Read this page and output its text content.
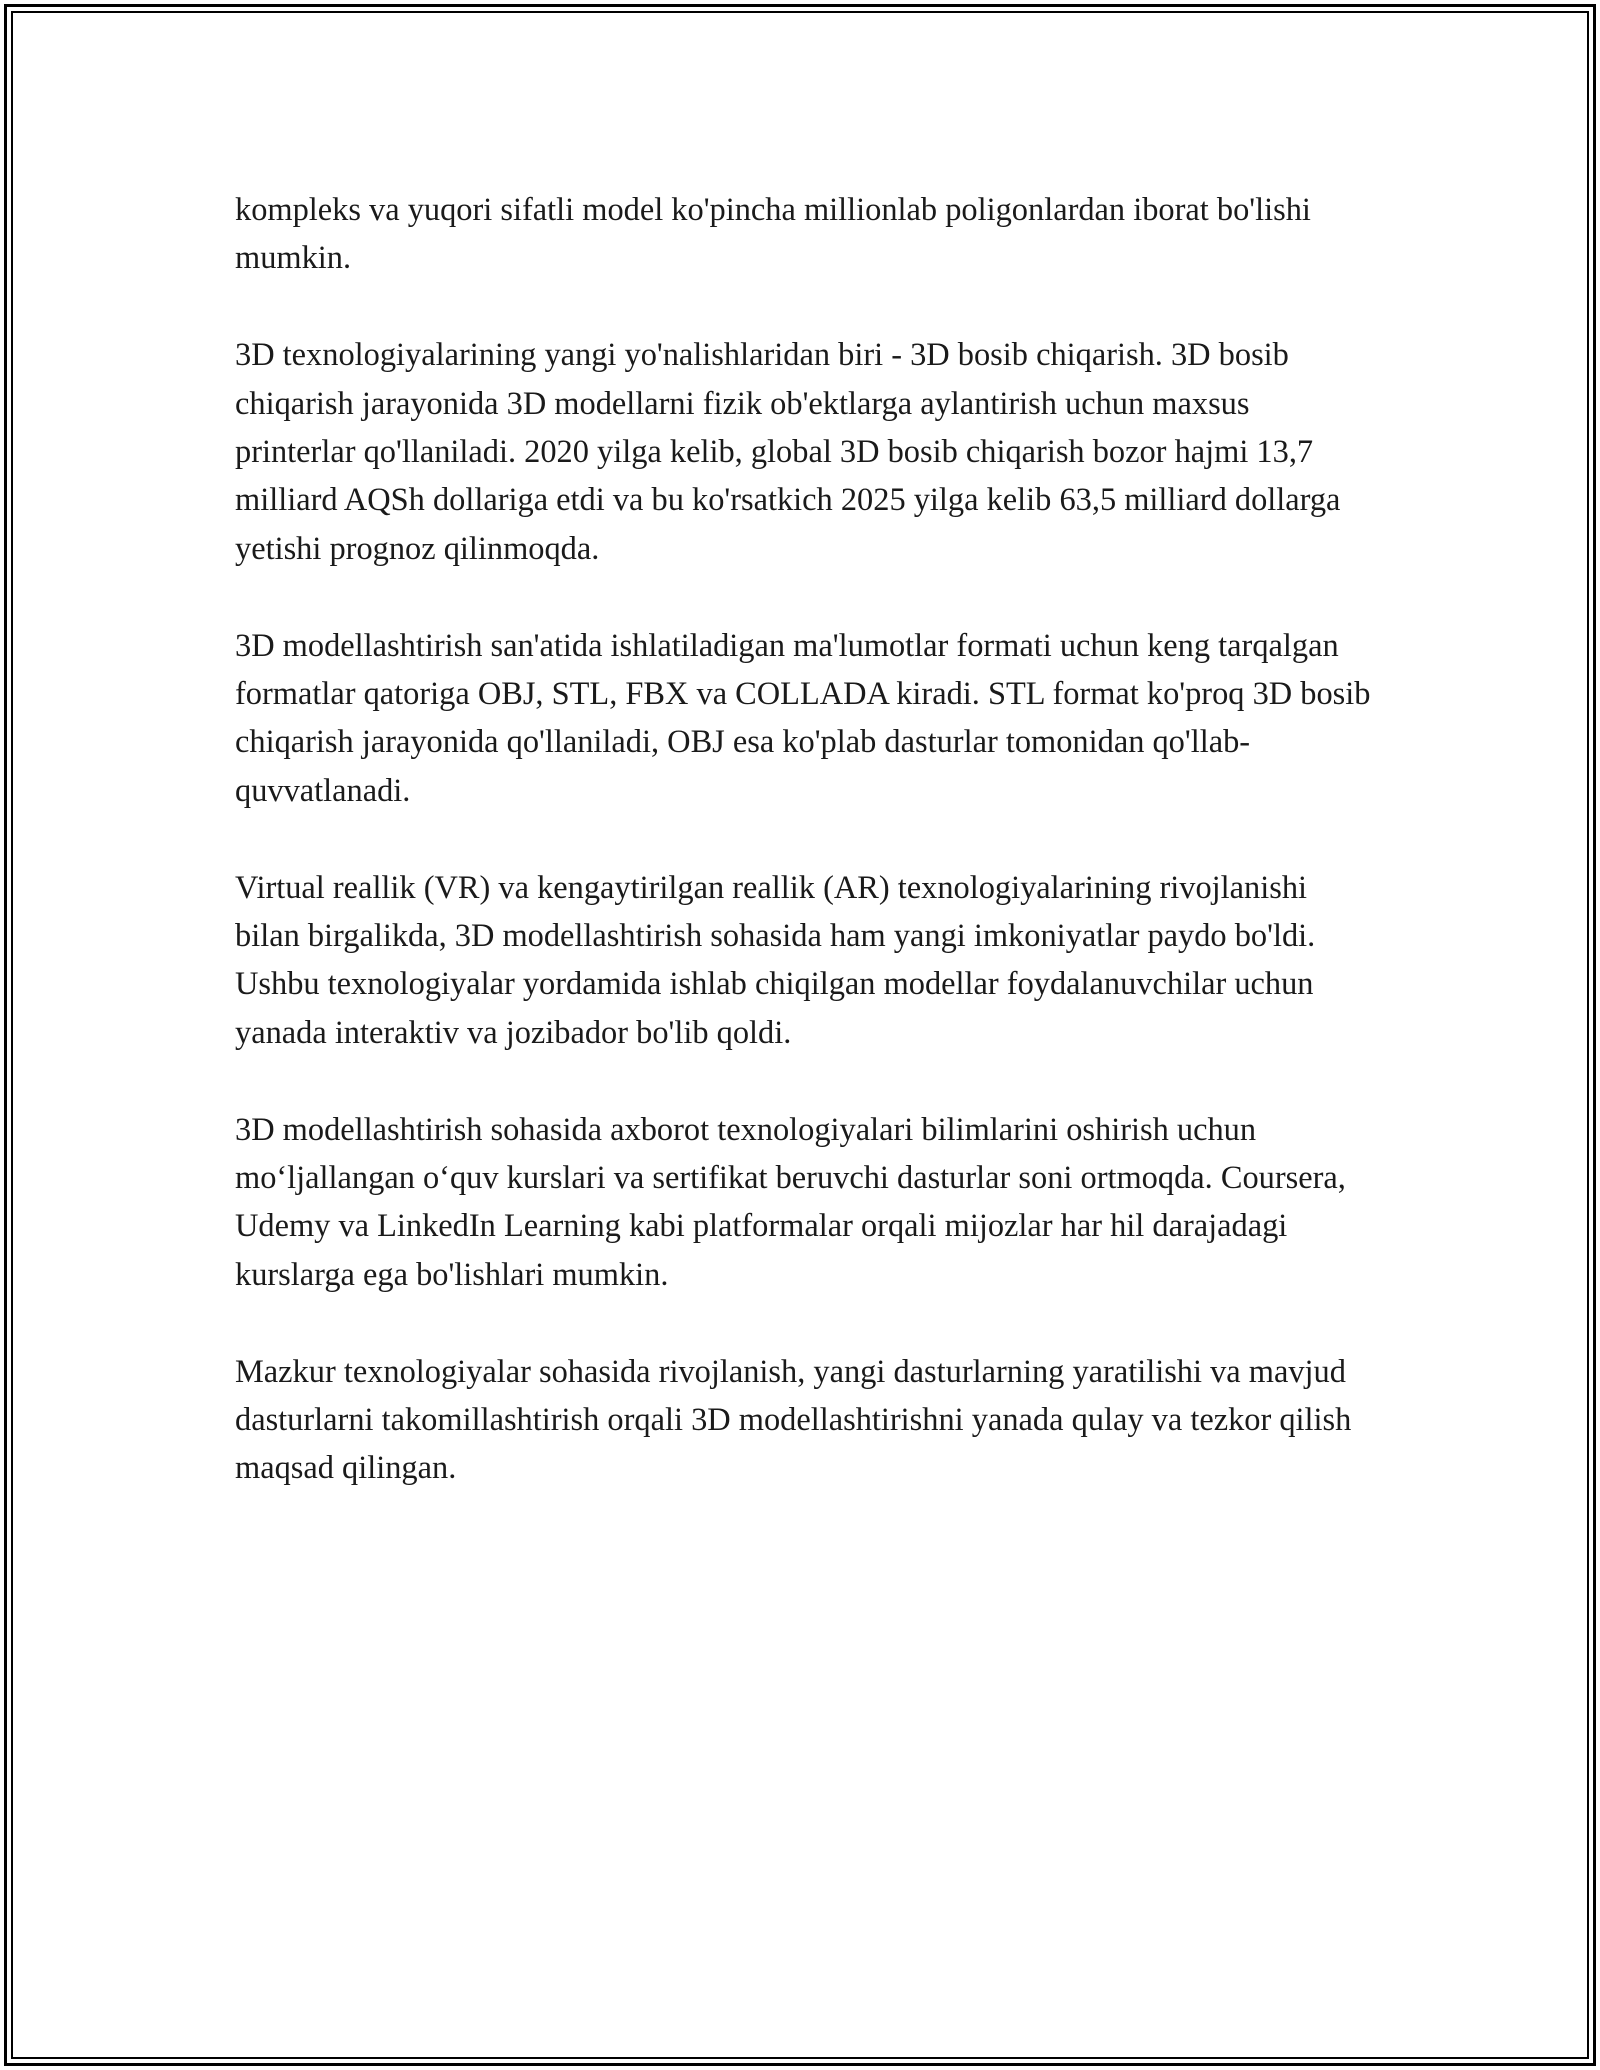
kompleks va yuqori sifatli model ko'pincha millionlab poligonlardan iborat bo'lishi mumkin.

3D texnologiyalarining yangi yo'nalishlaridan biri - 3D bosib chiqarish. 3D bosib chiqarish jarayonida 3D modellarni fizik ob'ektlarga aylantirish uchun maxsus printerlar qo'llaniladi. 2020 yilga kelib, global 3D bosib chiqarish bozor hajmi 13,7 milliard AQSh dollariga etdi va bu ko'rsatkich 2025 yilga kelib 63,5 milliard dollarga yetishi prognoz qilinmoqda.

3D modellashtirish san'atida ishlatiladigan ma'lumotlar formati uchun keng tarqalgan formatlar qatoriga OBJ, STL, FBX va COLLADA kiradi. STL format ko'proq 3D bosib chiqarish jarayonida qo'llaniladi, OBJ esa ko'plab dasturlar tomonidan qo'llab-quvvatlanadi.

Virtual reallik (VR) va kengaytirilgan reallik (AR) texnologiyalarining rivojlanishi bilan birgalikda, 3D modellashtirish sohasida ham yangi imkoniyatlar paydo bo'ldi. Ushbu texnologiyalar yordamida ishlab chiqilgan modellar foydalanuvchilar uchun yanada interaktiv va jozibador bo'lib qoldi.

3D modellashtirish sohasida axborot texnologiyalari bilimlarini oshirish uchun mo‘ljallangan o‘quv kurslari va sertifikat beruvchi dasturlar soni ortmoqda. Coursera, Udemy va LinkedIn Learning kabi platformalar orqali mijozlar har hil darajadagi kurslarga ega bo'lishlari mumkin.

Mazkur texnologiyalar sohasida rivojlanish, yangi dasturlarning yaratilishi va mavjud dasturlarni takomillashtirish orqali 3D modellashtirishni yanada qulay va tezkor qilish maqsad qilingan.
